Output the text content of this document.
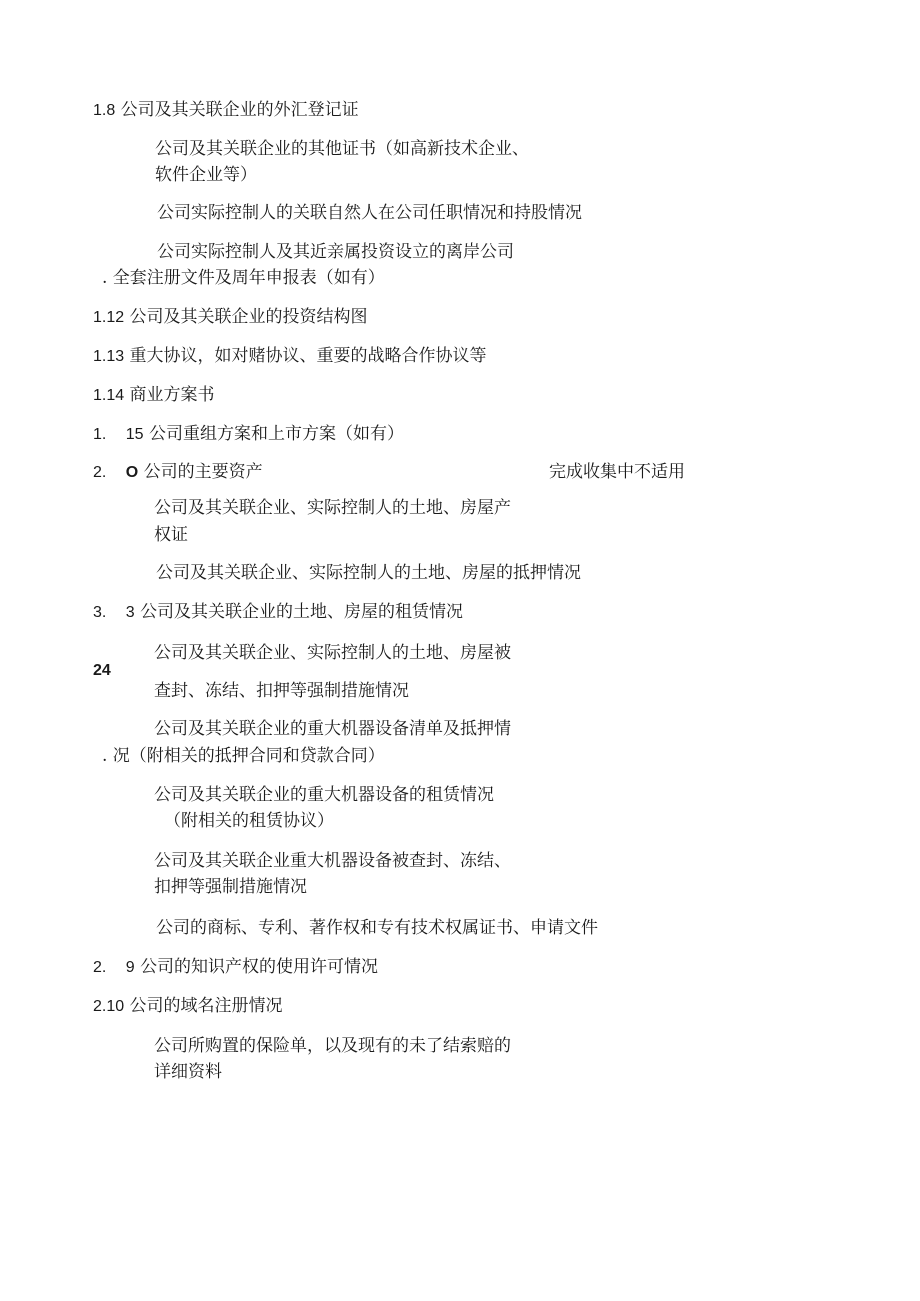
1.8 公司及其关联企业的外汇登记证
公司及其关联企业的其他证书（如高新技术企业、
软件企业等）
公司实际控制人的关联自然人在公司任职情况和持股情况
公司实际控制人及其近亲属投资设立的离岸公司
. 全套注册文件及周年申报表（如有）
1.12 公司及其关联企业的投资结构图
1.13 重大协议，如对赌协议、重要的战略合作协议等
1.14 商业方案书
1. 15 公司重组方案和上市方案（如有）
2. O 公司的主要资产	完成收集中不适用
公司及其关联企业、实际控制人的土地、房屋产
权证
公司及其关联企业、实际控制人的土地、房屋的抵押情况
3. 3 公司及其关联企业的土地、房屋的租赁情况
公司及其关联企业、实际控制人的土地、房屋被
24
查封、冻结、扣押等强制措施情况
公司及其关联企业的重大机器设备清单及抵押情
. 况（附相关的抵押合同和贷款合同）
公司及其关联企业的重大机器设备的租赁情况
（附相关的租赁协议）
公司及其关联企业重大机器设备被查封、冻结、
扣押等强制措施情况
公司的商标、专利、著作权和专有技术权属证书、申请文件
2. 9 公司的知识产权的使用许可情况
2.10 公司的域名注册情况
公司所购置的保险单，以及现有的未了结索赔的
详细资料
